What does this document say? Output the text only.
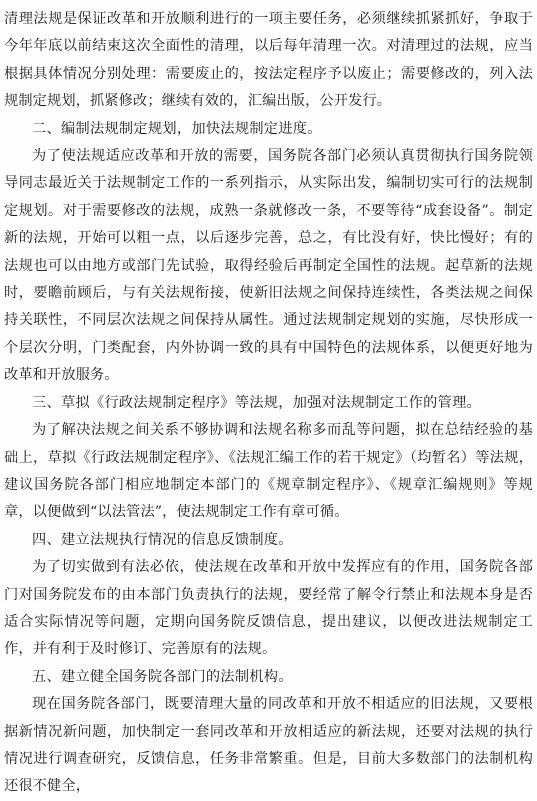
清理法规是保证改革和开放顺利进行的一项主要任务，必须继续抓紧抓好，争取于今年年底以前结束这次全面性的清理，以后每年清理一次。对清理过的法规，应当根据具体情况分别处理：需要废止的，按法定程序予以废止；需要修改的，列入法规制定规划，抓紧修改；继续有效的，汇编出版，公开发行。

二、编制法规制定规划，加快法规制定进度。

为了使法规适应改革和开放的需要，国务院各部门必须认真贯彻执行国务院领导同志最近关于法规制定工作的一系列指示，从实际出发，编制切实可行的法规制定规划。对于需要修改的法规，成熟一条就修改一条，不要等待“成套设备”。制定新的法规，开始可以粗一点，以后逐步完善，总之，有比没有好，快比慢好；有的法规也可以由地方或部门先试验，取得经验后再制定全国性的法规。起草新的法规时，要瞻前顾后，与有关法规衔接，使新旧法规之间保持连续性，各类法规之间保持关联性，不同层次法规之间保持从属性。通过法规制定规划的实施，尽快形成一个层次分明，门类配套，内外协调一致的具有中国特色的法规体系，以便更好地为改革和开放服务。

三、草拟《行政法规制定程序》等法规，加强对法规制定工作的管理。

为了解决法规之间关系不够协调和法规名称多而乱等问题，拟在总结经验的基础上，草拟《行政法规制定程序》、《法规汇编工作的若干规定》（均暂名）等法规，建议国务院各部门相应地制定本部门的《规章制定程序》、《规章汇编规则》等规章，以便做到“以法管法”，使法规制定工作有章可循。

四、建立法规执行情况的信息反馈制度。

为了切实做到有法必依，使法规在改革和开放中发挥应有的作用，国务院各部门对国务院发布的由本部门负责执行的法规，要经常了解令行禁止和法规本身是否适合实际情况等问题，定期向国务院反馈信息，提出建议，以便改进法规制定工作，并有利于及时修订、完善原有的法规。

五、建立健全国务院各部门的法制机构。

现在国务院各部门，既要清理大量的同改革和开放不相适应的旧法规，又要根据新情况新问题，加快制定一套同改革和开放相适应的新法规，还要对法规的执行情况进行调查研究，反馈信息，任务非常繁重。但是，目前大多数部门的法制机构还很不健全，
